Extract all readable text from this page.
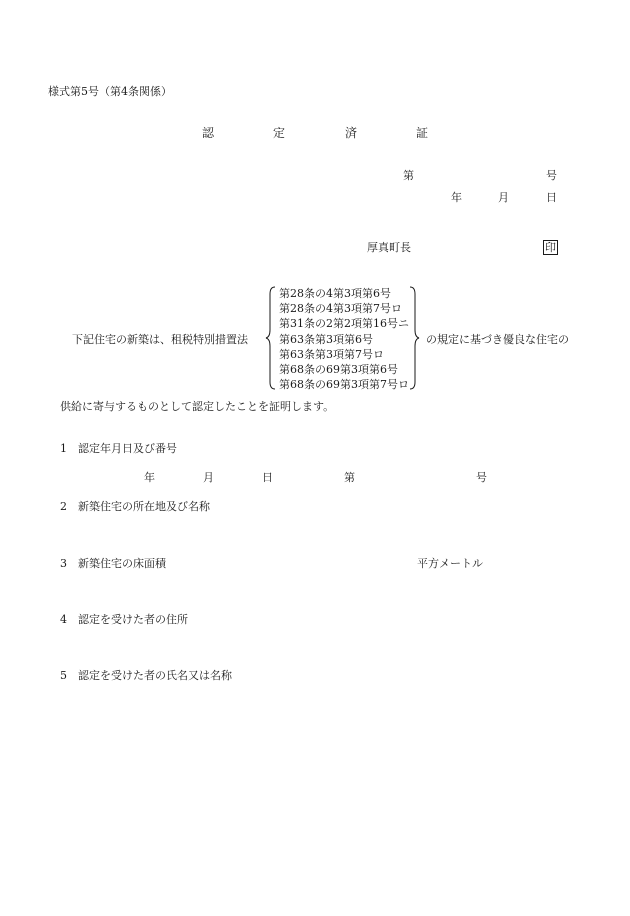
様式第5号（第4条関係）
認	定	済	証
第	号
年	月	日
厚真町長	印
下記住宅の新築は、租税特別措置法
第28条の4第3項第6号
第28条の4第3項第7号ロ
第31条の2第2項第16号ニ
第63条第3項第6号
第63条第3項第7号ロ
第68条の69第3項第6号
第68条の69第3項第7号ロ
の規定に基づき優良な住宅の
供給に寄与するものとして認定したことを証明します。
1 認定年月日及び番号
年	月	日	第	号
2 新築住宅の所在地及び名称
3 新築住宅の床面積	平方メートル
4 認定を受けた者の住所
5 認定を受けた者の氏名又は名称
